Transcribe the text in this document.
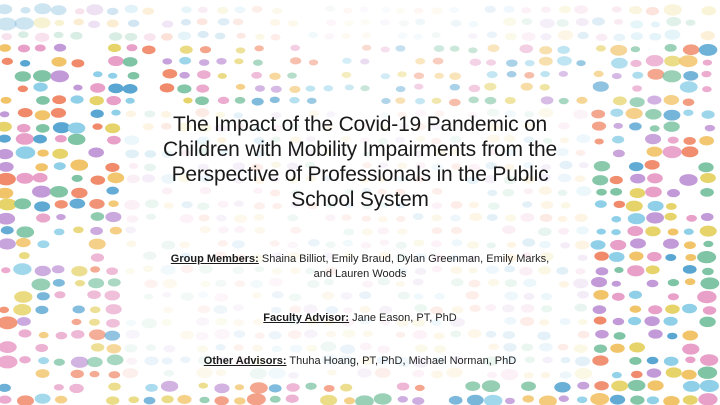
The Impact of the Covid-19 Pandemic on
Children with Mobility Impairments from the
Perspective of Professionals in the Public
School System
Group Members: Shaina Billiot, Emily Braud, Dylan Greenman, Emily Marks,
and Lauren Woods
Faculty Advisor: Jane Eason, PT, PhD
Other Advisors: Thuha Hoang, PT, PhD, Michael Norman, PhD
